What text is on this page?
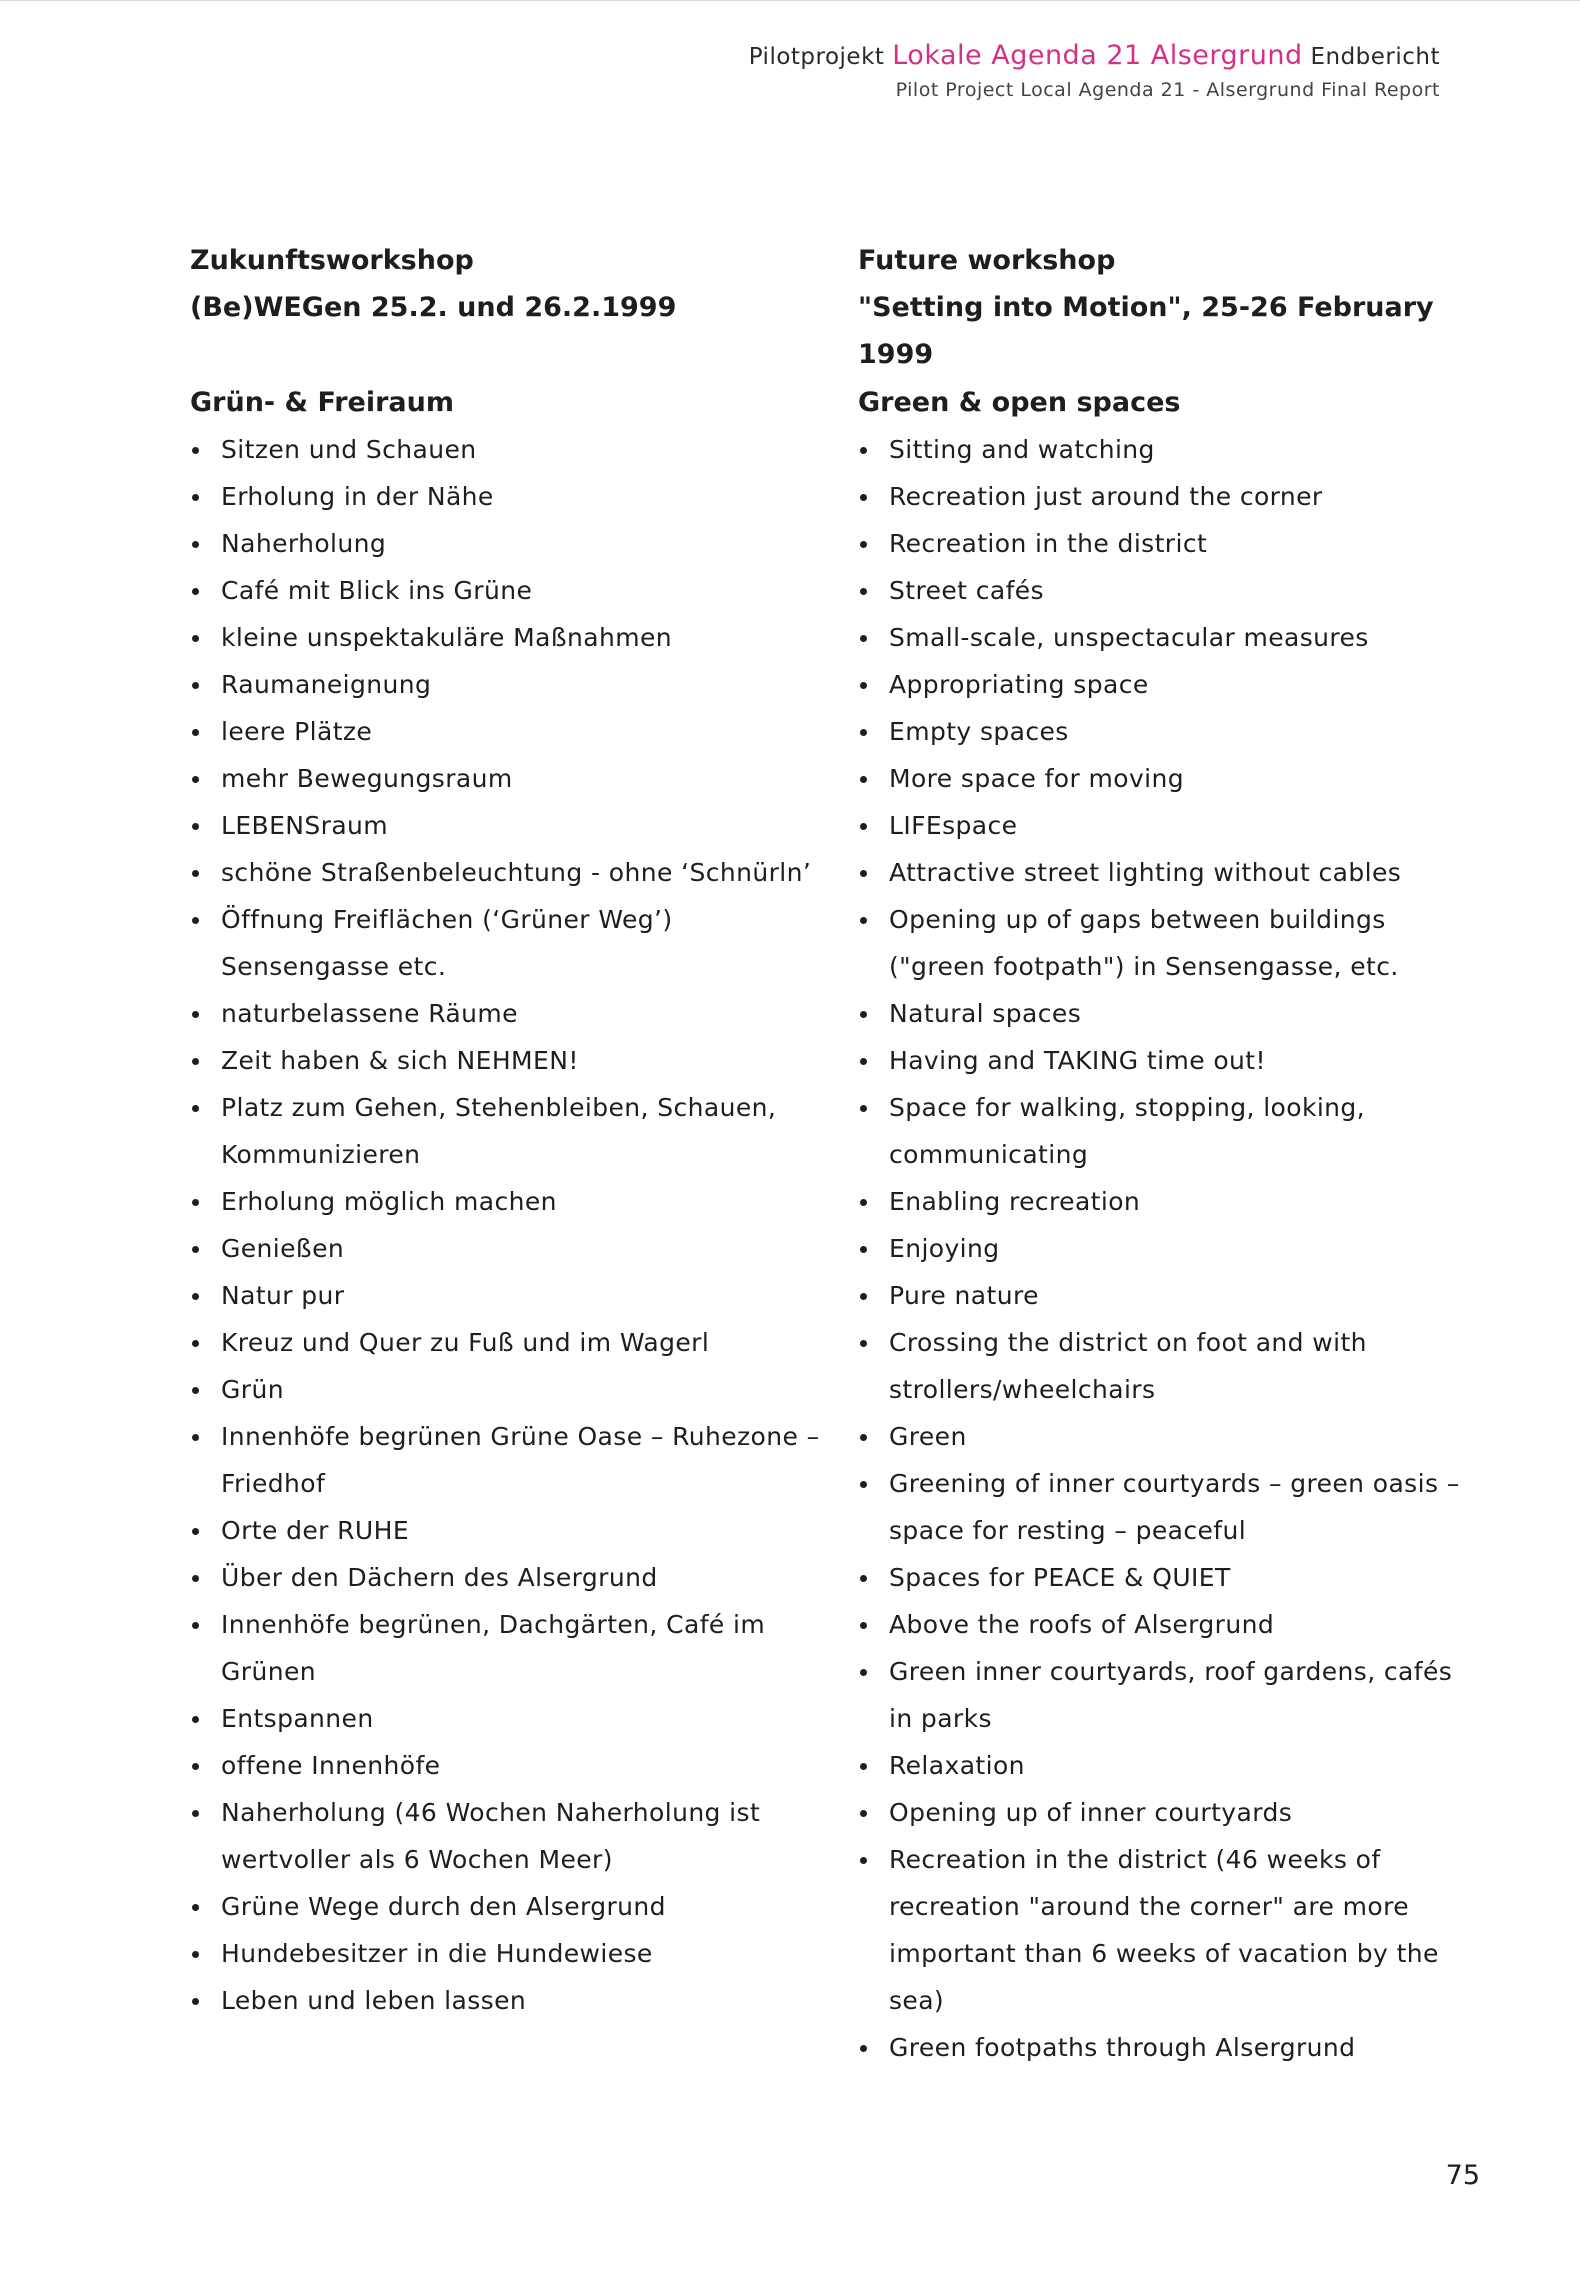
Pilotprojekt Lokale Agenda 21 Alsergrund Endbericht
Pilot Project Local Agenda 21 - Alsergrund Final Report
Zukunftsworkshop
(Be)WEGen 25.2. und 26.2.1999
Grün- & Freiraum
Sitzen und Schauen
Erholung in der Nähe
Naherholung
Café mit Blick ins Grüne
kleine unspektakuläre Maßnahmen
Raumaneignung
leere Plätze
mehr Bewegungsraum
LEBENSraum
schöne Straßenbeleuchtung - ohne ‘Schnürln’
Öffnung Freiflächen (‘Grüner Weg’) Sensengasse etc.
naturbelassene Räume
Zeit haben & sich NEHMEN!
Platz zum Gehen, Stehenbleiben, Schauen, Kommunizieren
Erholung möglich machen
Genießen
Natur pur
Kreuz und Quer zu Fuß und im Wagerl
Grün
Innenhöfe begrünen Grüne Oase – Ruhezone – Friedhof
Orte der RUHE
Über den Dächern des Alsergrund
Innenhöfe begrünen, Dachgärten, Café im Grünen
Entspannen
offene Innenhöfe
Naherholung (46 Wochen Naherholung ist wertvoller als 6 Wochen Meer)
Grüne Wege durch den Alsergrund
Hundebesitzer in die Hundewiese
Leben und leben lassen
Future workshop
"Setting into Motion", 25-26 February 1999
Green & open spaces
Sitting and watching
Recreation just around the corner
Recreation in the district
Street cafés
Small-scale, unspectacular measures
Appropriating space
Empty spaces
More space for moving
LIFEspace
Attractive street lighting without cables
Opening up of gaps between buildings ("green footpath") in Sensengasse, etc.
Natural spaces
Having and TAKING time out!
Space for walking, stopping, looking, communicating
Enabling recreation
Enjoying
Pure nature
Crossing the district on foot and with strollers/wheelchairs
Green
Greening of inner courtyards – green oasis – space for resting – peaceful
Spaces for PEACE & QUIET
Above the roofs of Alsergrund
Green inner courtyards, roof gardens, cafés in parks
Relaxation
Opening up of inner courtyards
Recreation in the district (46 weeks of recreation "around the corner" are more important than 6 weeks of vacation by the sea)
Green footpaths through Alsergrund
75
